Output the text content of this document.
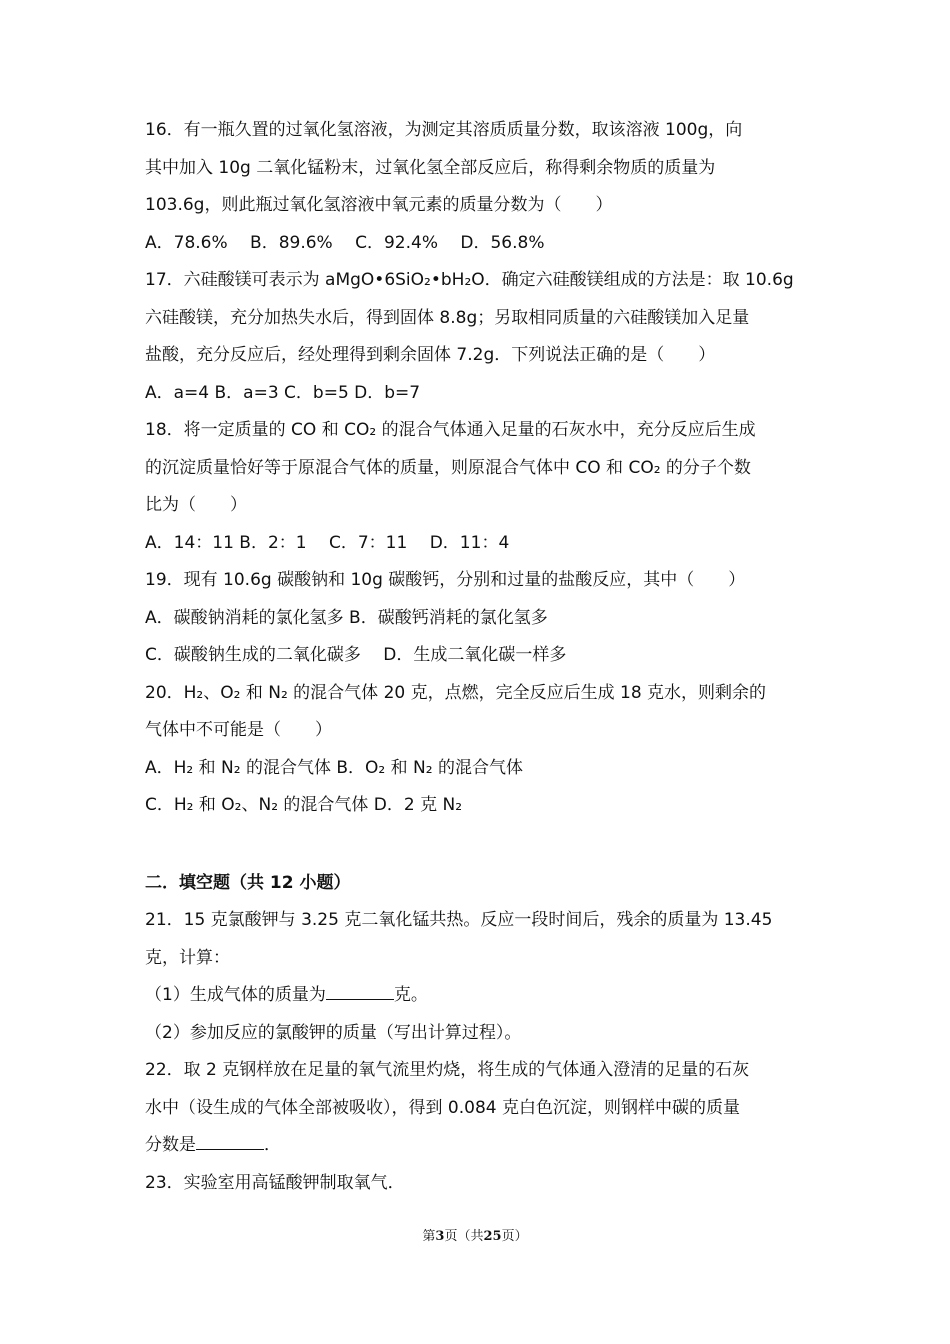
16．有一瓶久置的过氧化氢溶液，为测定其溶质质量分数，取该溶液 100g，向
其中加入 10g 二氧化锰粉末，过氧化氢全部反应后，称得剩余物质的质量为
103.6g，则此瓶过氧化氢溶液中氧元素的质量分数为（　　）
A．78.6%　 B．89.6%　 C．92.4%　 D．56.8%
17．六硅酸镁可表示为 aMgO•6SiO₂•bH₂O．确定六硅酸镁组成的方法是：取 10.6g
六硅酸镁，充分加热失水后，得到固体 8.8g；另取相同质量的六硅酸镁加入足量
盐酸，充分反应后，经处理得到剩余固体 7.2g．下列说法正确的是（　　）
A．a=4 B．a=3 C．b=5 D．b=7
18．将一定质量的 CO 和 CO₂ 的混合气体通入足量的石灰水中，充分反应后生成
的沉淀质量恰好等于原混合气体的质量，则原混合气体中 CO 和 CO₂ 的分子个数
比为（　　）
A．14：11 B．2：1　 C．7：11　 D．11：4
19．现有 10.6g 碳酸钠和 10g 碳酸钙，分别和过量的盐酸反应，其中（　　）
A．碳酸钠消耗的氯化氢多 B．碳酸钙消耗的氯化氢多
C．碳酸钠生成的二氧化碳多　 D．生成二氧化碳一样多
20．H₂、O₂ 和 N₂ 的混合气体 20 克，点燃，完全反应后生成 18 克水，则剩余的
气体中不可能是（　　）
A．H₂ 和 N₂ 的混合气体 B．O₂ 和 N₂ 的混合气体
C．H₂ 和 O₂、N₂ 的混合气体 D．2 克 N₂
二．填空题（共 12 小题）
21．15 克氯酸钾与 3.25 克二氧化锰共热。反应一段时间后，残余的质量为 13.45
克，计算：
（1）生成气体的质量为	克。
（2）参加反应的氯酸钾的质量（写出计算过程）。
22．取 2 克钢样放在足量的氧气流里灼烧，将生成的气体通入澄清的足量的石灰
水中（设生成的气体全部被吸收），得到 0.084 克白色沉淀，则钢样中碳的质量
分数是	．
23．实验室用高锰酸钾制取氧气．
第3页（共25页）
